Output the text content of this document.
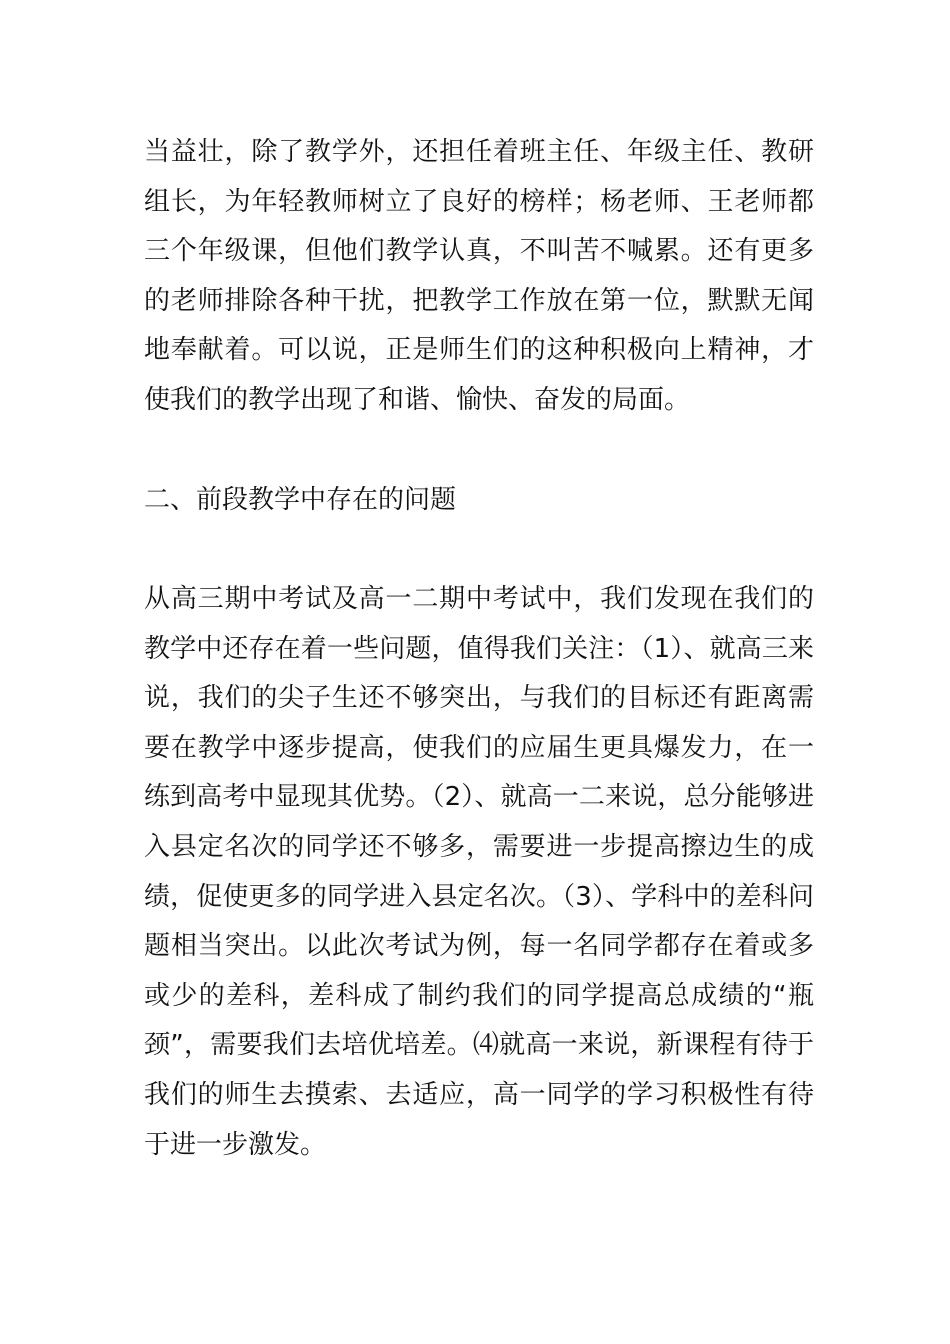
当益壮，除了教学外，还担任着班主任、年级主任、教研组长，为年轻教师树立了良好的榜样；杨老师、王老师都三个年级课，但他们教学认真，不叫苦不喊累。还有更多的老师排除各种干扰，把教学工作放在第一位，默默无闻地奉献着。可以说，正是师生们的这种积极向上精神，才使我们的教学出现了和谐、愉快、奋发的局面。

二、前段教学中存在的问题

从高三期中考试及高一二期中考试中，我们发现在我们的教学中还存在着一些问题，值得我们关注：（1）、就高三来说，我们的尖子生还不够突出，与我们的目标还有距离需要在教学中逐步提高，使我们的应届生更具爆发力，在一练到高考中显现其优势。（2）、就高一二来说，总分能够进入县定名次的同学还不够多，需要进一步提高擦边生的成绩，促使更多的同学进入县定名次。（3）、学科中的差科问题相当突出。以此次考试为例，每一名同学都存在着或多或少的差科，差科成了制约我们的同学提高总成绩的“瓶颈”，需要我们去培优培差。⑷就高一来说，新课程有待于我们的师生去摸索、去适应，高一同学的学习积极性有待于进一步激发。
